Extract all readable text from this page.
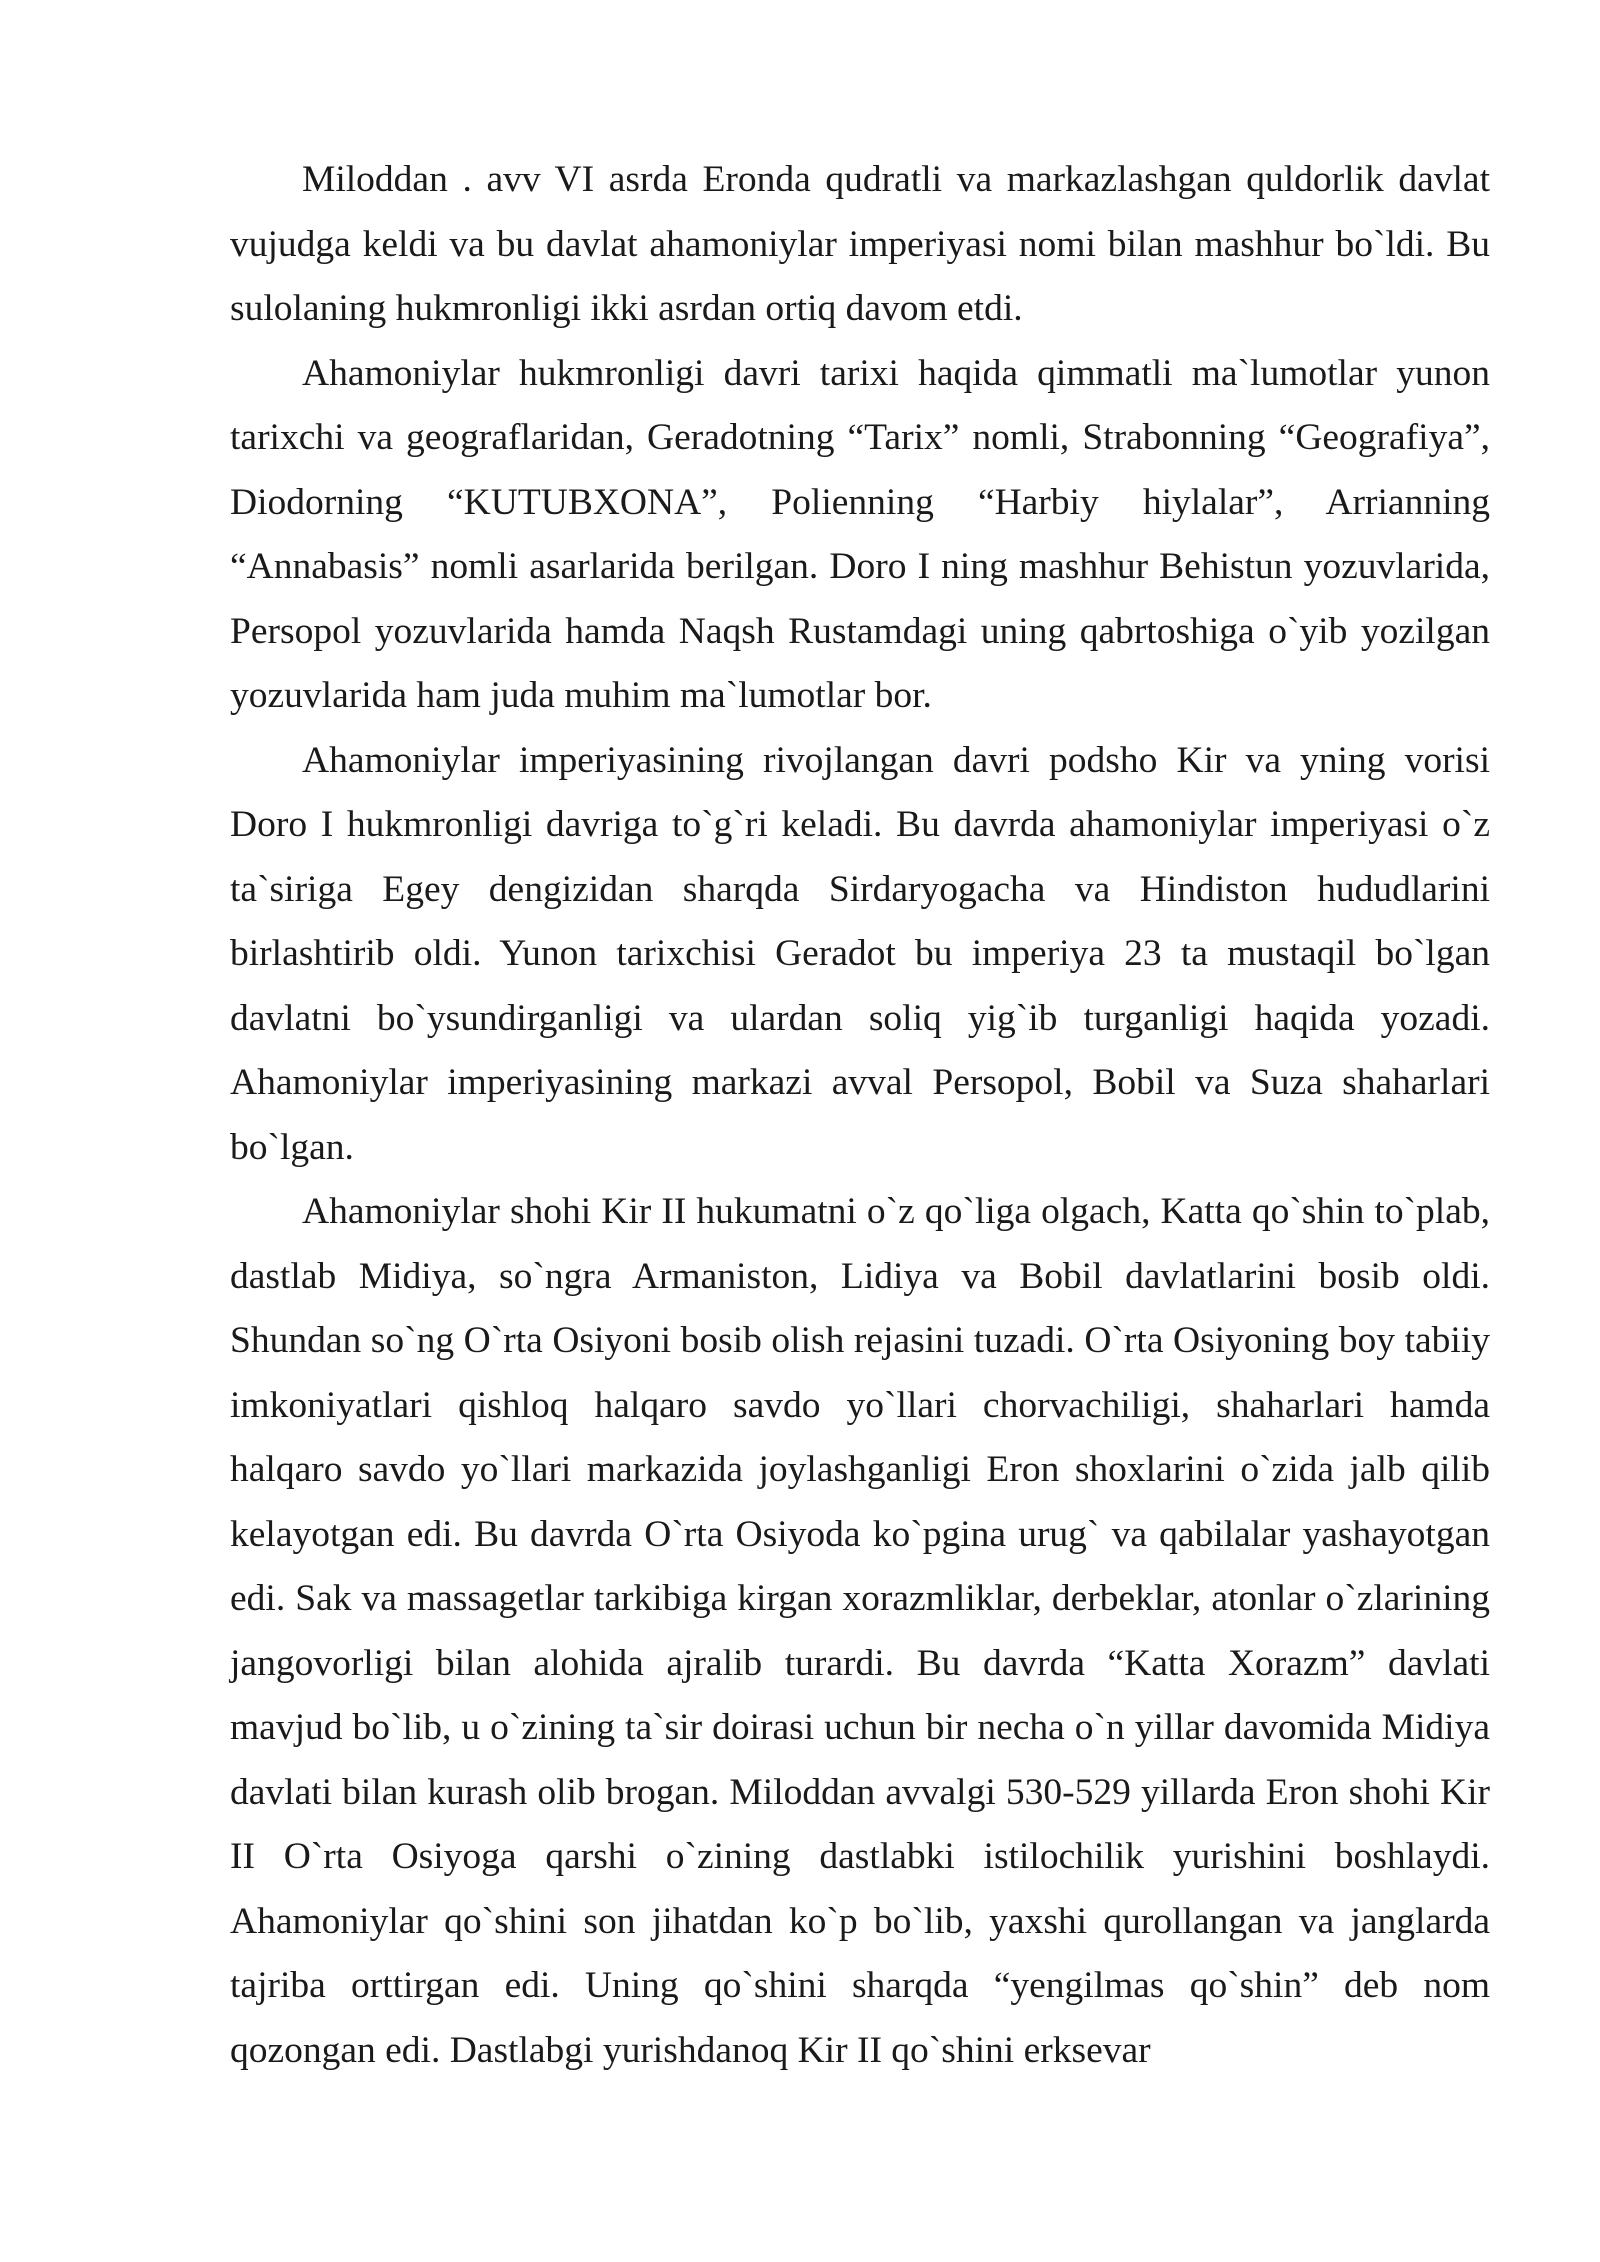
Miloddan . avv VI asrda Eronda qudratli va markazlashgan quldorlik davlat vujudga keldi va bu davlat ahamoniylar imperiyasi nomi bilan mashhur bo`ldi. Bu sulolaning hukmronligi ikki asrdan ortiq davom etdi.

Ahamoniylar hukmronligi davri tarixi haqida qimmatli ma`lumotlar yunon tarixchi va geograflaridan, Geradotning “Tarix” nomli, Strabonning “Geografiya”, Diodorning “KUTUBXONA”, Polienning “Harbiy hiylalar”, Arrianning “Annabasis” nomli asarlarida berilgan. Doro I ning mashhur Behistun yozuvlarida, Persopol yozuvlarida hamda Naqsh Rustamdagi uning qabrtoshiga o`yib yozilgan yozuvlarida ham juda muhim ma`lumotlar bor.

Ahamoniylar imperiyasining rivojlangan davri podsho Kir va yning vorisi Doro I hukmronligi davriga to`g`ri keladi. Bu davrda ahamoniylar imperiyasi o`z ta`siriga Egey dengizidan sharqda Sirdaryogacha va Hindiston hududlarini birlashtirib oldi. Yunon tarixchisi Geradot bu imperiya 23 ta mustaqil bo`lgan davlatni bo`ysundirganligi va ulardan soliq yig`ib turganligi haqida yozadi. Ahamoniylar imperiyasining markazi avval Persopol, Bobil va Suza shaharlari bo`lgan.

Ahamoniylar shohi Kir II hukumatni o`z qo`liga olgach, Katta qo`shin to`plab, dastlab Midiya, so`ngra Armaniston, Lidiya va Bobil davlatlarini bosib oldi. Shundan so`ng O`rta Osiyoni bosib olish rejasini tuzadi. O`rta Osiyoning boy tabiiy imkoniyatlari qishloq halqaro savdo yo`llari chorvachiligi, shaharlari hamda halqaro savdo yo`llari markazida joylashganligi Eron shoxlarini o`zida jalb qilib kelayotgan edi. Bu davrda O`rta Osiyoda ko`pgina urug` va qabilalar yashayotgan edi. Sak va massagetlar tarkibiga kirgan xorazmliklar, derbeklar, atonlar o`zlarining jangovorligi bilan alohida ajralib turardi. Bu davrda “Katta Xorazm” davlati mavjud bo`lib, u o`zining ta`sir doirasi uchun bir necha o`n yillar davomida Midiya davlati bilan kurash olib brogan. Miloddan avvalgi 530-529 yillarda Eron shohi Kir II O`rta Osiyoga qarshi o`zining dastlabki istilochilik yurishini boshlaydi. Ahamoniylar qo`shini son jihatdan ko`p bo`lib, yaxshi qurollangan va janglarda tajriba orttirgan edi. Uning qo`shini sharqda “yengilmas qo`shin” deb nom qozongan edi. Dastlabgi yurishdanoq Kir II qo`shini erksevar
